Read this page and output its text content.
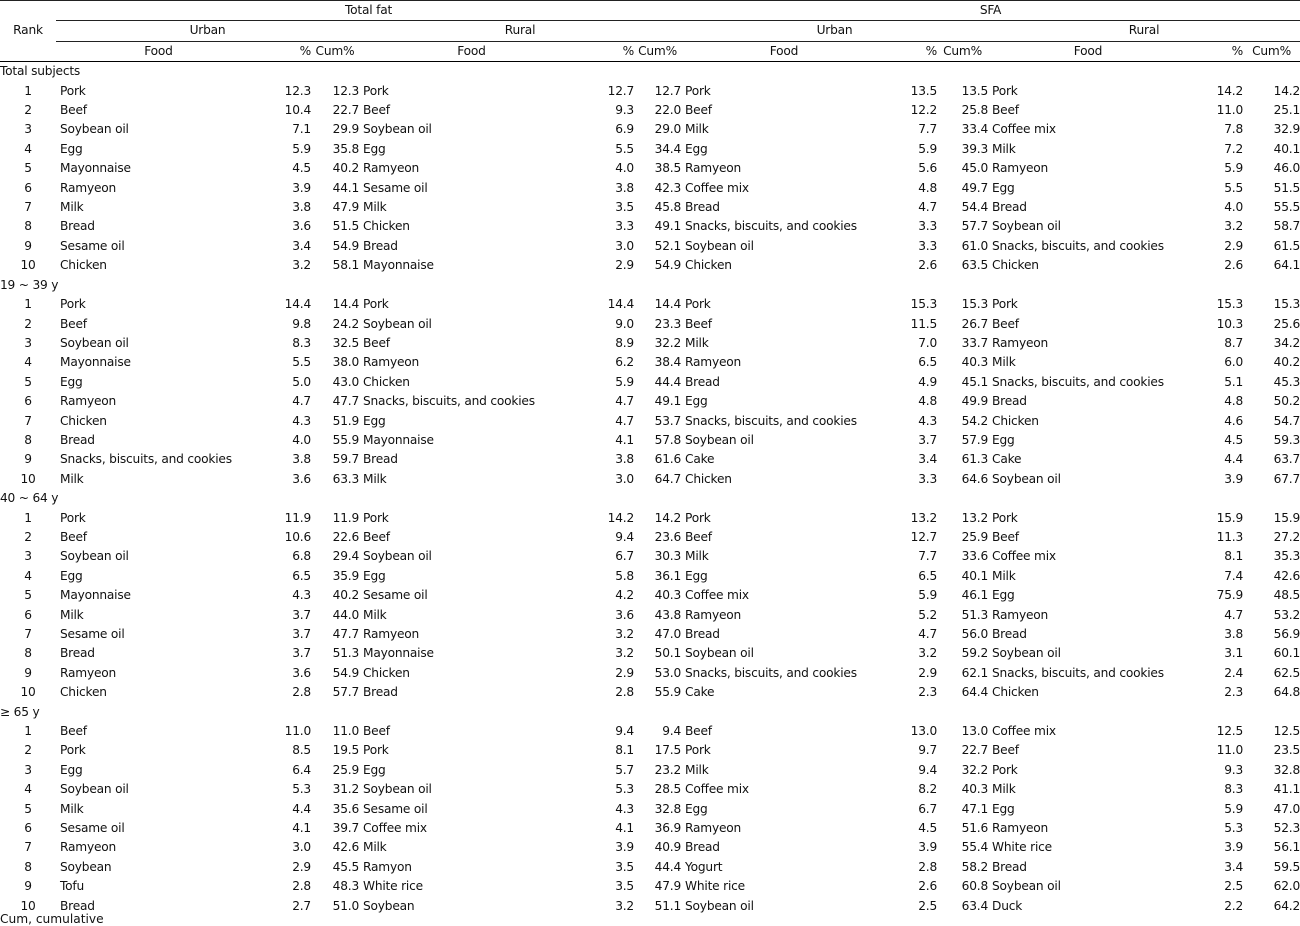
Rank	Total fat						SFA					
	Urban			Rural			Urban			Rural		
	Food	%	Cum%	Food	%	Cum%	Food	%	Cum%	Food	%	Cum%
Total subjects												
1	Pork	12.3	12.3	Pork	12.7	12.7	Pork	13.5	13.5	Pork	14.2	14.2
2	Beef	10.4	22.7	Beef	9.3	22.0	Beef	12.2	25.8	Beef	11.0	25.1
3	Soybean oil	7.1	29.9	Soybean oil	6.9	29.0	Milk	7.7	33.4	Coffee mix	7.8	32.9
4	Egg	5.9	35.8	Egg	5.5	34.4	Egg	5.9	39.3	Milk	7.2	40.1
5	Mayonnaise	4.5	40.2	Ramyeon	4.0	38.5	Ramyeon	5.6	45.0	Ramyeon	5.9	46.0
6	Ramyeon	3.9	44.1	Sesame oil	3.8	42.3	Coffee mix	4.8	49.7	Egg	5.5	51.5
7	Milk	3.8	47.9	Milk	3.5	45.8	Bread	4.7	54.4	Bread	4.0	55.5
8	Bread	3.6	51.5	Chicken	3.3	49.1	Snacks, biscuits, and cookies	3.3	57.7	Soybean oil	3.2	58.7
9	Sesame oil	3.4	54.9	Bread	3.0	52.1	Soybean oil	3.3	61.0	Snacks, biscuits, and cookies	2.9	61.5
10	Chicken	3.2	58.1	Mayonnaise	2.9	54.9	Chicken	2.6	63.5	Chicken	2.6	64.1
19 ~ 39 y												
1	Pork	14.4	14.4	Pork	14.4	14.4	Pork	15.3	15.3	Pork	15.3	15.3
2	Beef	9.8	24.2	Soybean oil	9.0	23.3	Beef	11.5	26.7	Beef	10.3	25.6
3	Soybean oil	8.3	32.5	Beef	8.9	32.2	Milk	7.0	33.7	Ramyeon	8.7	34.2
4	Mayonnaise	5.5	38.0	Ramyeon	6.2	38.4	Ramyeon	6.5	40.3	Milk	6.0	40.2
5	Egg	5.0	43.0	Chicken	5.9	44.4	Bread	4.9	45.1	Snacks, biscuits, and cookies	5.1	45.3
6	Ramyeon	4.7	47.7	Snacks, biscuits, and cookies	4.7	49.1	Egg	4.8	49.9	Bread	4.8	50.2
7	Chicken	4.3	51.9	Egg	4.7	53.7	Snacks, biscuits, and cookies	4.3	54.2	Chicken	4.6	54.7
8	Bread	4.0	55.9	Mayonnaise	4.1	57.8	Soybean oil	3.7	57.9	Egg	4.5	59.3
9	Snacks, biscuits, and cookies	3.8	59.7	Bread	3.8	61.6	Cake	3.4	61.3	Cake	4.4	63.7
10	Milk	3.6	63.3	Milk	3.0	64.7	Chicken	3.3	64.6	Soybean oil	3.9	67.7
40 ~ 64 y												
1	Pork	11.9	11.9	Pork	14.2	14.2	Pork	13.2	13.2	Pork	15.9	15.9
2	Beef	10.6	22.6	Beef	9.4	23.6	Beef	12.7	25.9	Beef	11.3	27.2
3	Soybean oil	6.8	29.4	Soybean oil	6.7	30.3	Milk	7.7	33.6	Coffee mix	8.1	35.3
4	Egg	6.5	35.9	Egg	5.8	36.1	Egg	6.5	40.1	Milk	7.4	42.6
5	Mayonnaise	4.3	40.2	Sesame oil	4.2	40.3	Coffee mix	5.9	46.1	Egg	75.9	48.5
6	Milk	3.7	44.0	Milk	3.6	43.8	Ramyeon	5.2	51.3	Ramyeon	4.7	53.2
7	Sesame oil	3.7	47.7	Ramyeon	3.2	47.0	Bread	4.7	56.0	Bread	3.8	56.9
8	Bread	3.7	51.3	Mayonnaise	3.2	50.1	Soybean oil	3.2	59.2	Soybean oil	3.1	60.1
9	Ramyeon	3.6	54.9	Chicken	2.9	53.0	Snacks, biscuits, and cookies	2.9	62.1	Snacks, biscuits, and cookies	2.4	62.5
10	Chicken	2.8	57.7	Bread	2.8	55.9	Cake	2.3	64.4	Chicken	2.3	64.8
≥ 65 y												
1	Beef	11.0	11.0	Beef	9.4	9.4	Beef	13.0	13.0	Coffee mix	12.5	12.5
2	Pork	8.5	19.5	Pork	8.1	17.5	Pork	9.7	22.7	Beef	11.0	23.5
3	Egg	6.4	25.9	Egg	5.7	23.2	Milk	9.4	32.2	Pork	9.3	32.8
4	Soybean oil	5.3	31.2	Soybean oil	5.3	28.5	Coffee mix	8.2	40.3	Milk	8.3	41.1
5	Milk	4.4	35.6	Sesame oil	4.3	32.8	Egg	6.7	47.1	Egg	5.9	47.0
6	Sesame oil	4.1	39.7	Coffee mix	4.1	36.9	Ramyeon	4.5	51.6	Ramyeon	5.3	52.3
7	Ramyeon	3.0	42.6	Milk	3.9	40.9	Bread	3.9	55.4	White rice	3.9	56.1
8	Soybean	2.9	45.5	Ramyon	3.5	44.4	Yogurt	2.8	58.2	Bread	3.4	59.5
9	Tofu	2.8	48.3	White rice	3.5	47.9	White rice	2.6	60.8	Soybean oil	2.5	62.0
10	Bread	2.7	51.0	Soybean	3.2	51.1	Soybean oil	2.5	63.4	Duck	2.2	64.2
Cum, cumulative
